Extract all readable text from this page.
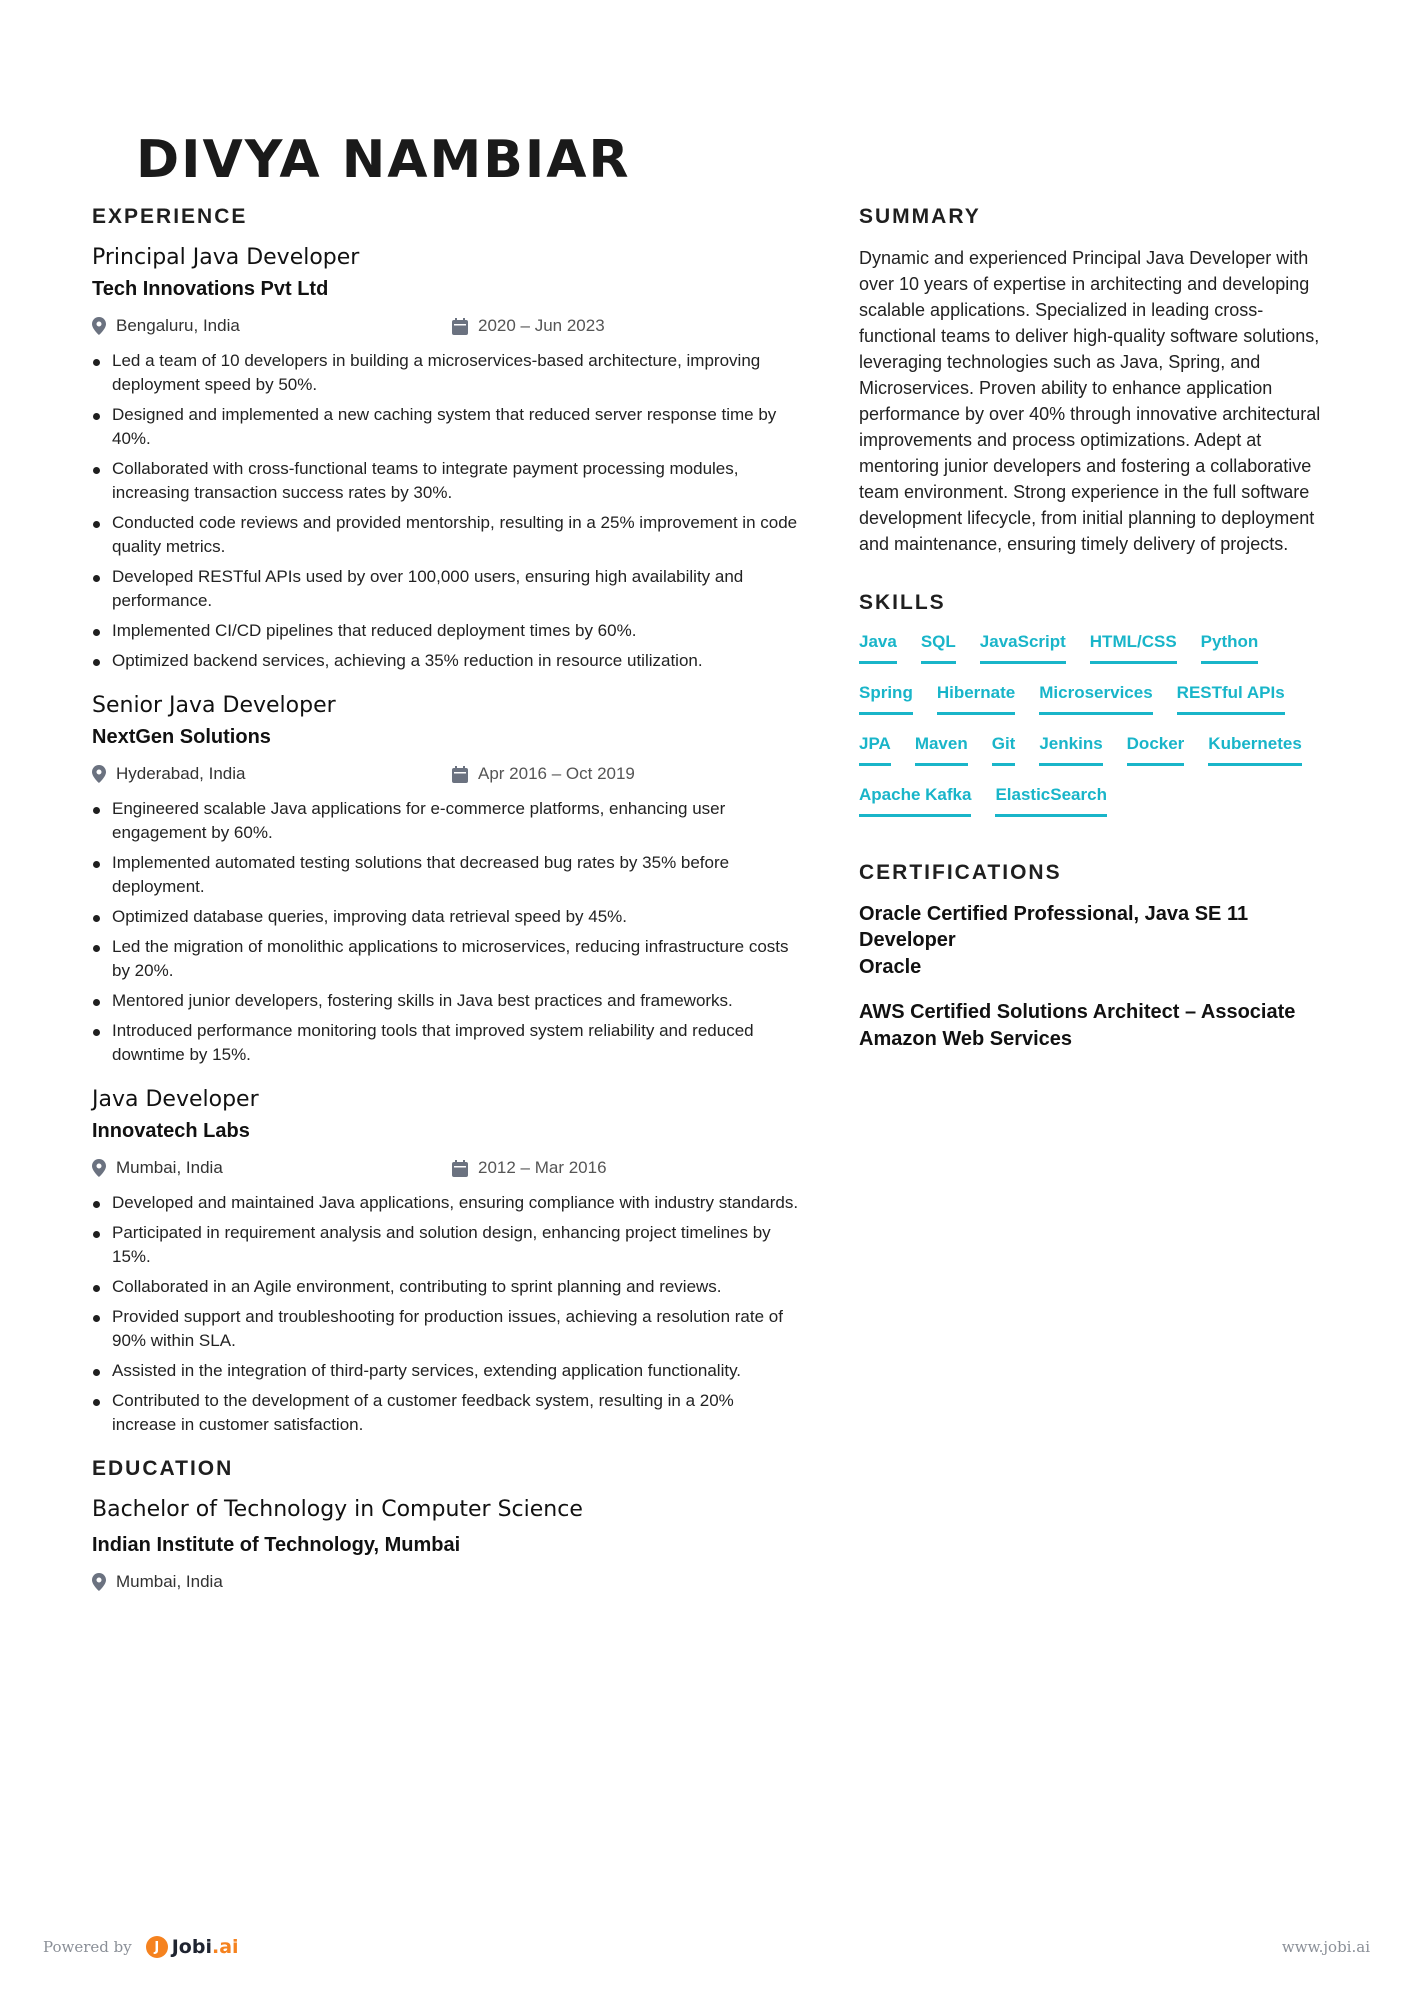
DIVYA NAMBIAR
EXPERIENCE
Principal Java Developer
Tech Innovations Pvt Ltd
Bengaluru, India	2020 – Jun 2023
Led a team of 10 developers in building a microservices-based architecture, improving deployment speed by 50%.
Designed and implemented a new caching system that reduced server response time by 40%.
Collaborated with cross-functional teams to integrate payment processing modules, increasing transaction success rates by 30%.
Conducted code reviews and provided mentorship, resulting in a 25% improvement in code quality metrics.
Developed RESTful APIs used by over 100,000 users, ensuring high availability and performance.
Implemented CI/CD pipelines that reduced deployment times by 60%.
Optimized backend services, achieving a 35% reduction in resource utilization.
Senior Java Developer
NextGen Solutions
Hyderabad, India	Apr 2016 – Oct 2019
Engineered scalable Java applications for e-commerce platforms, enhancing user engagement by 60%.
Implemented automated testing solutions that decreased bug rates by 35% before deployment.
Optimized database queries, improving data retrieval speed by 45%.
Led the migration of monolithic applications to microservices, reducing infrastructure costs by 20%.
Mentored junior developers, fostering skills in Java best practices and frameworks.
Introduced performance monitoring tools that improved system reliability and reduced downtime by 15%.
Java Developer
Innovatech Labs
Mumbai, India	2012 – Mar 2016
Developed and maintained Java applications, ensuring compliance with industry standards.
Participated in requirement analysis and solution design, enhancing project timelines by 15%.
Collaborated in an Agile environment, contributing to sprint planning and reviews.
Provided support and troubleshooting for production issues, achieving a resolution rate of 90% within SLA.
Assisted in the integration of third-party services, extending application functionality.
Contributed to the development of a customer feedback system, resulting in a 20% increase in customer satisfaction.
EDUCATION
Bachelor of Technology in Computer Science
Indian Institute of Technology, Mumbai
Mumbai, India
SUMMARY
Dynamic and experienced Principal Java Developer with over 10 years of expertise in architecting and developing scalable applications. Specialized in leading cross-functional teams to deliver high-quality software solutions, leveraging technologies such as Java, Spring, and Microservices. Proven ability to enhance application performance by over 40% through innovative architectural improvements and process optimizations. Adept at mentoring junior developers and fostering a collaborative team environment. Strong experience in the full software development lifecycle, from initial planning to deployment and maintenance, ensuring timely delivery of projects.
SKILLS
Java SQL JavaScript HTML/CSS Python
Spring Hibernate Microservices RESTful APIs
JPA Maven Git Jenkins Docker Kubernetes
Apache Kafka ElasticSearch
CERTIFICATIONS
Oracle Certified Professional, Java SE 11 Developer
Oracle
AWS Certified Solutions Architect – Associate
Amazon Web Services
Powered by	J Jobi.ai	www.jobi.ai
